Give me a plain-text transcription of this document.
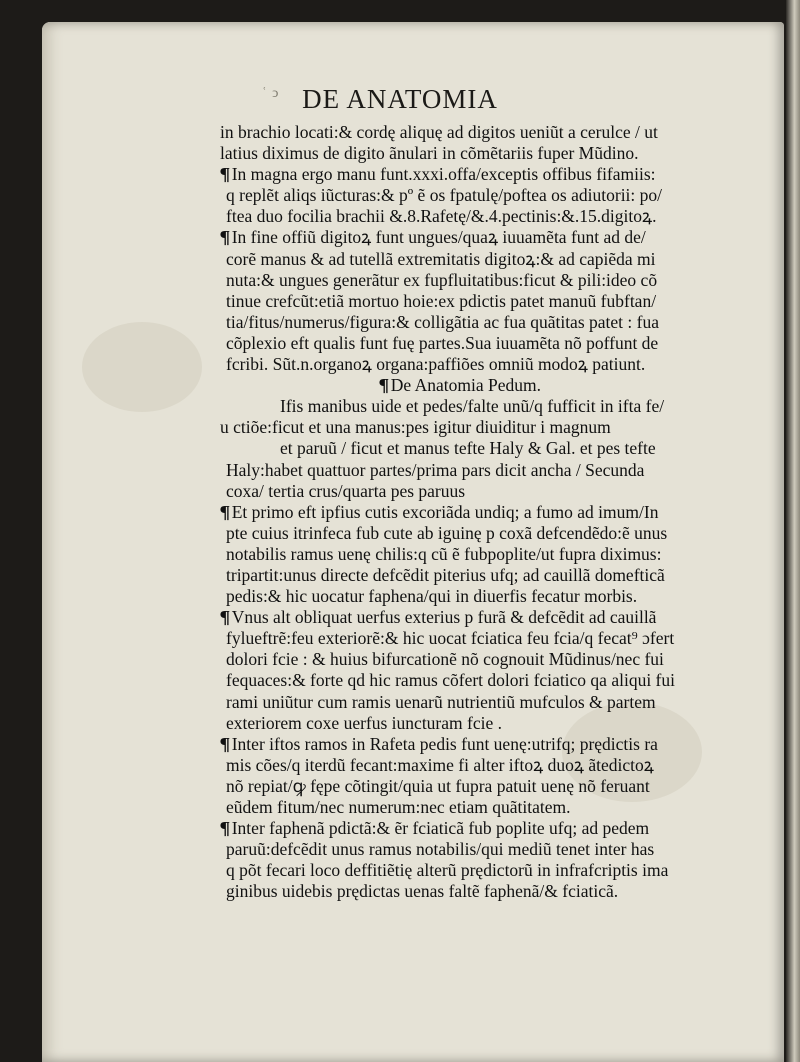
ʿ ͻ DE ANATOMIA
in brachio locati:& cordę aliquę ad digitos ueniũt a cerulce / ut
latius diximus de digito ãnulari in cõmẽtariis fuper Mũdino.
¶In magna ergo manu funt.xxxi.offa/exceptis offibus fifamiis:
q replẽt aliqs iũcturas:& pº ẽ os fpatulę/poftea os adiutorii: po/
ftea duo focilia brachii &.8.Rafetę/&.4.pectinis:&.15.digitoꝝ.
¶In fine offiũ digitoꝝ funt ungues/quaꝝ iuuamẽta funt ad de/
corẽ manus & ad tutellã extremitatis digitoꝝ:& ad capiẽda mi
nuta:& ungues generãtur ex fupfluitatibus:ficut & pili:ideo cõ
tinue crefcũt:etiã mortuo hoie:ex pdictis patet manuũ fubftan/
tia/fitus/numerus/figura:& colligãtia ac fua quãtitas patet : fua
cõplexio eft qualis funt fuę partes.Sua iuuamẽta nõ poffunt de
fcribi. Sũt.n.organoꝝ organa:paffiões omniũ modoꝝ patiunt.
¶De Anatomia Pedum.
Ifis manibus uide et pedes/falte unũ/q fufficit in ifta fe/
u ctiõe:ficut et una manus:pes igitur diuiditur i magnum
et paruũ / ficut et manus tefte Haly & Gal. et pes tefte
Haly:habet quattuor partes/prima pars dicit ancha / Secunda
coxa/ tertia crus/quarta pes paruus
¶Et primo eft ipfius cutis excoriãda undiq; a fumo ad imum/In
pte cuius itrinfeca fub cute ab iguinę p coxã defcendẽdo:ẽ unus
notabilis ramus uenę chilis:q cũ ẽ fubpoplite/ut fupra diximus:
tripartit:unus directe defcẽdit piterius ufq; ad cauillã domefticã
pedis:& hic uocatur faphena/qui in diuerfis fecatur morbis.
¶Vnus alt obliquat uerfus exterius p furã & defcẽdit ad cauillã
fylueftrẽ:feu exteriorẽ:& hic uocat fciatica feu fcia/q fecat⁹ ɔfert
dolori fcie : & huius bifurcationẽ nõ cognouit Mũdinus/nec fui
fequaces:& forte qd hic ramus cõfert dolori fciatico qa aliqui fui
rami uniũtur cum ramis uenarũ nutrientiũ mufculos & partem
exteriorem coxe uerfus iuncturam fcie .
¶Inter iftos ramos in Rafeta pedis funt uenę:utrifq; prędictis ra
mis cões/q iterdũ fecant:maxime fi alter iftoꝝ duoꝝ ãtedictoꝝ
nõ repiat/ꝙ fępe cõtingit/quia ut fupra patuit uenę nõ feruant
eũdem fitum/nec numerum:nec etiam quãtitatem.
¶Inter faphenã pdictã:& ẽr fciaticã fub poplite ufq; ad pedem
paruũ:defcẽdit unus ramus notabilis/qui mediũ tenet inter has
q põt fecari loco deffitiẽtię alterũ prędictorũ in infrafcriptis ima
ginibus uidebis prędictas uenas faltẽ faphenã/& fciaticã.
